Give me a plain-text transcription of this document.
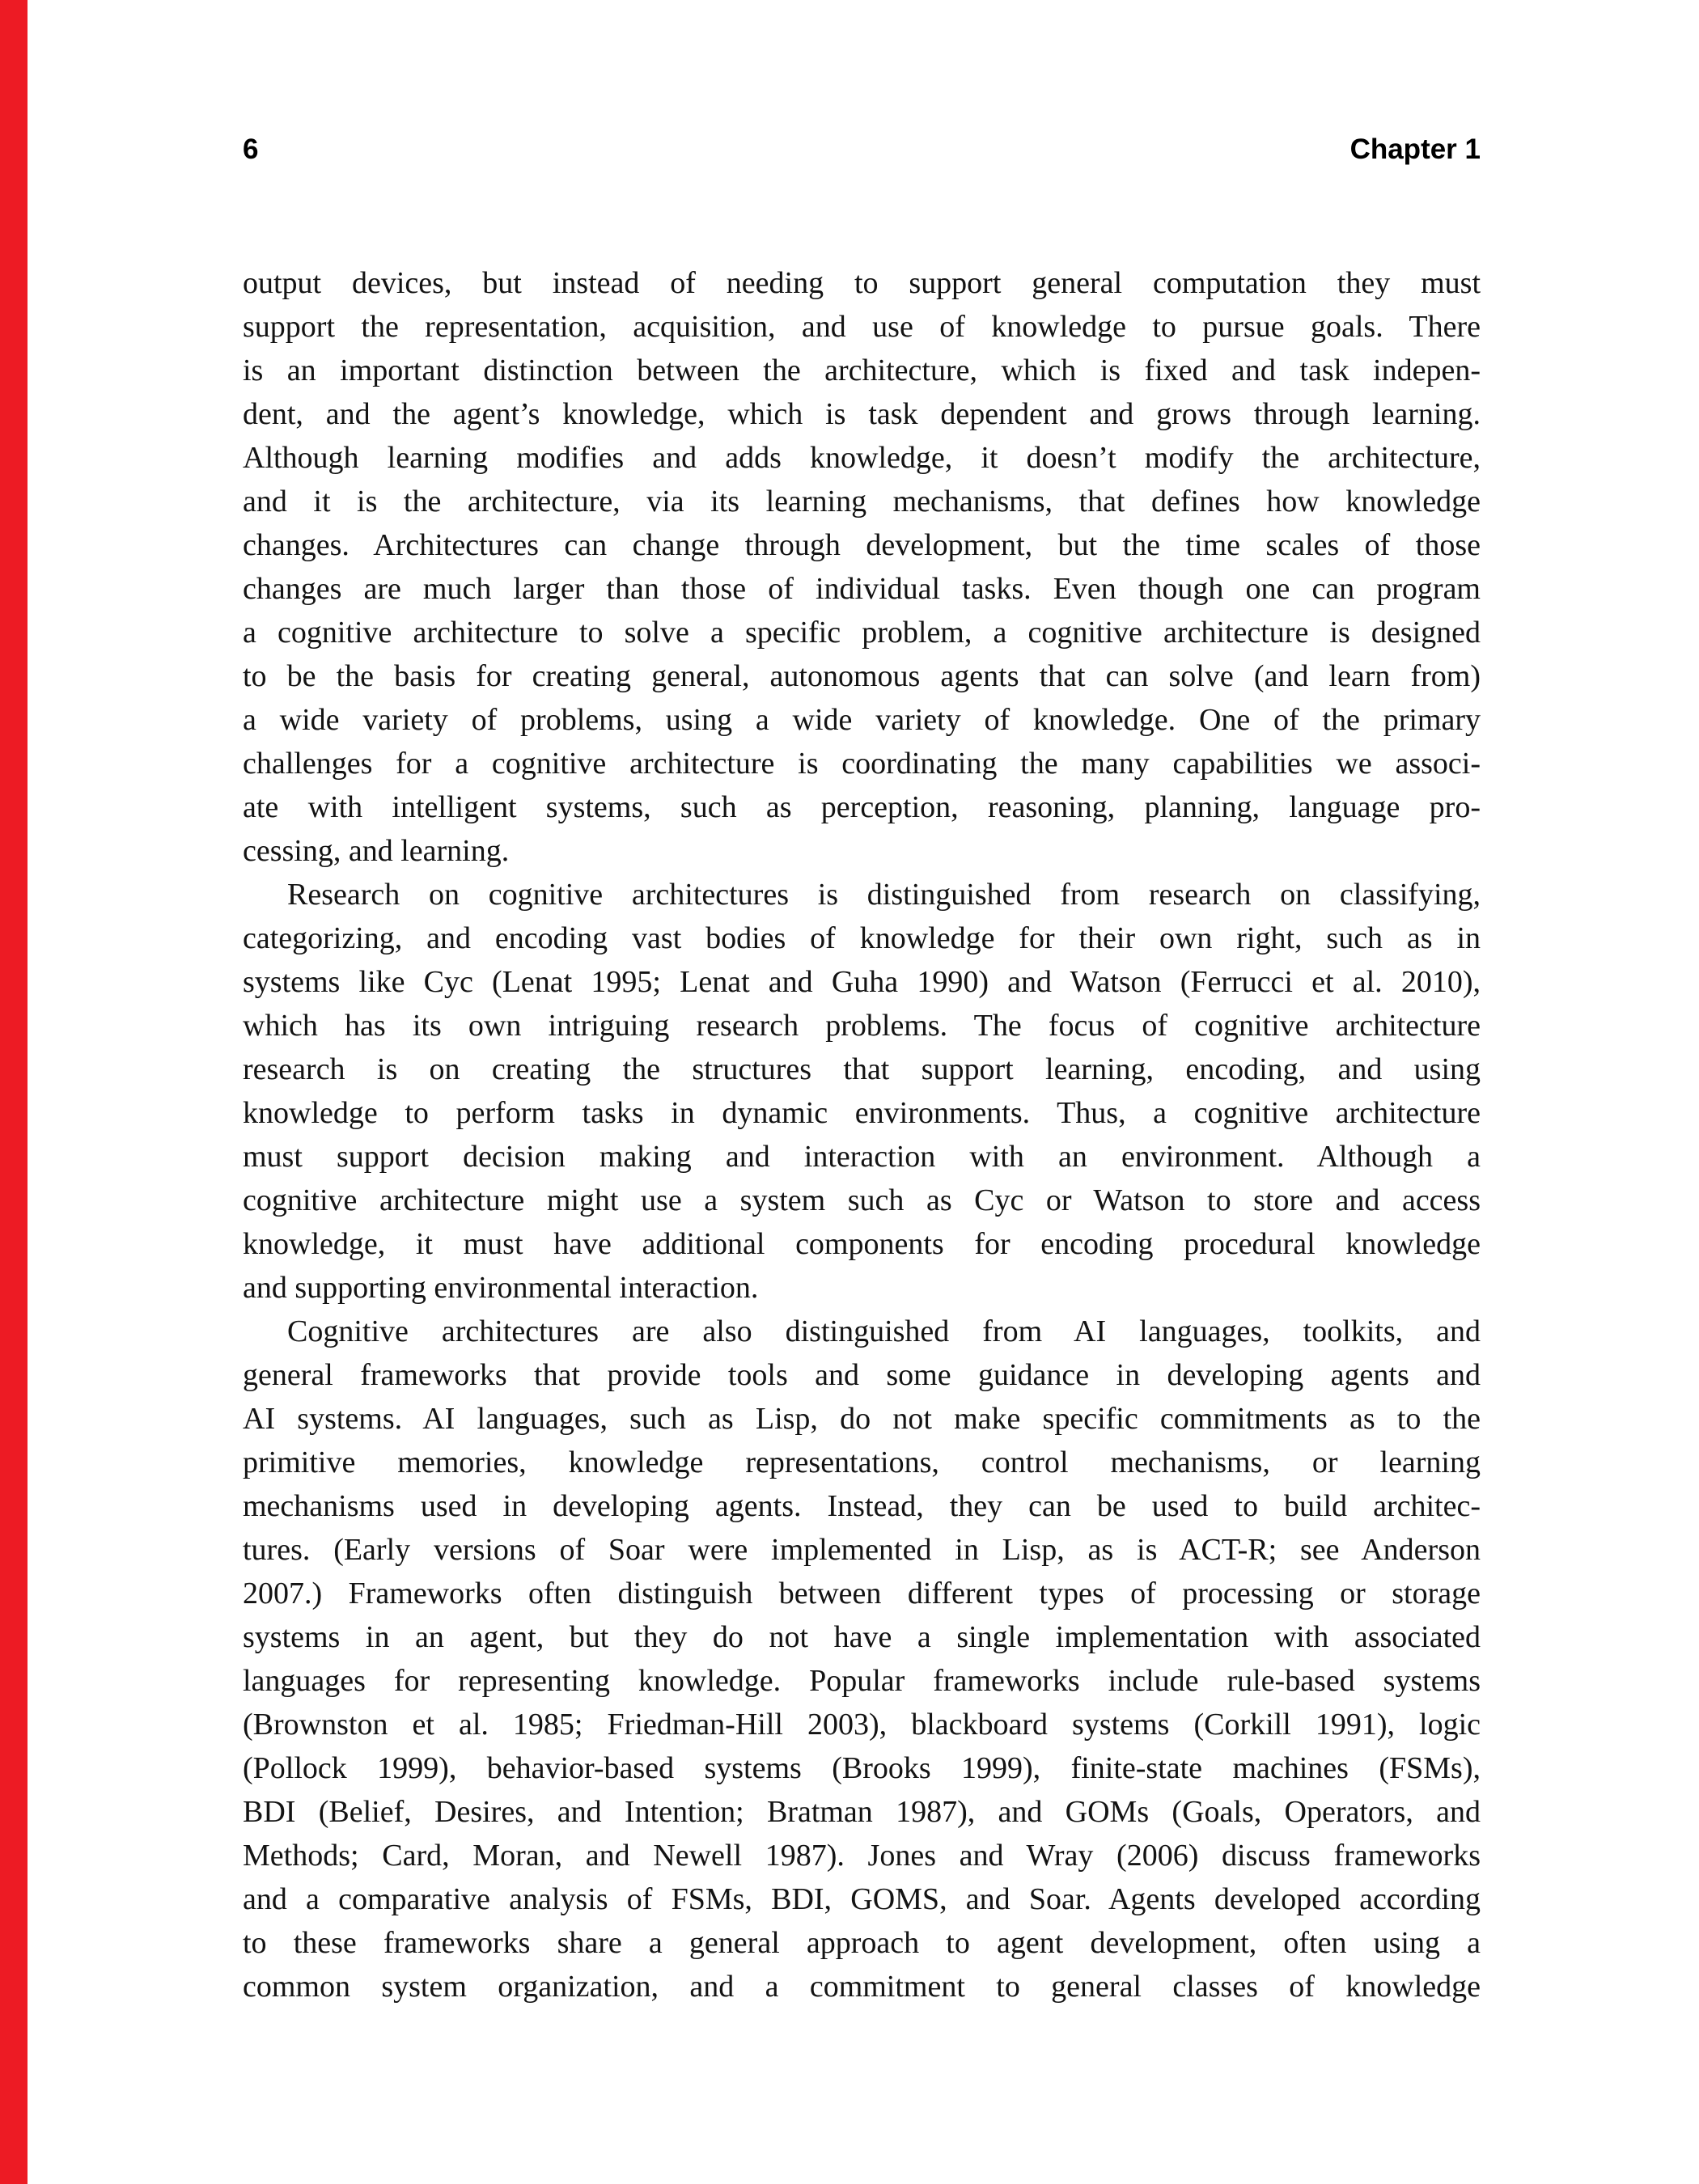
6	Chapter 1
output devices, but instead of needing to support general computation they must
support the representation, acquisition, and use of knowledge to pursue goals. There
is an important distinction between the architecture, which is fixed and task indepen-
dent, and the agent’s knowledge, which is task dependent and grows through learning.
Although learning modifies and adds knowledge, it doesn’t modify the architecture,
and it is the architecture, via its learning mechanisms, that defines how knowledge
changes. Architectures can change through development, but the time scales of those
changes are much larger than those of individual tasks. Even though one can program
a cognitive architecture to solve a specific problem, a cognitive architecture is designed
to be the basis for creating general, autonomous agents that can solve (and learn from)
a wide variety of problems, using a wide variety of knowledge. One of the primary
challenges for a cognitive architecture is coordinating the many capabilities we associ-
ate with intelligent systems, such as perception, reasoning, planning, language pro-
cessing, and learning.
Research on cognitive architectures is distinguished from research on classifying,
categorizing, and encoding vast bodies of knowledge for their own right, such as in
systems like Cyc (Lenat 1995; Lenat and Guha 1990) and Watson (Ferrucci et al. 2010),
which has its own intriguing research problems. The focus of cognitive architecture
research is on creating the structures that support learning, encoding, and using
knowledge to perform tasks in dynamic environments. Thus, a cognitive architecture
must support decision making and interaction with an environment. Although a
cognitive architecture might use a system such as Cyc or Watson to store and access
knowledge, it must have additional components for encoding procedural knowledge
and supporting environmental interaction.
Cognitive architectures are also distinguished from AI languages, toolkits, and
general frameworks that provide tools and some guidance in developing agents and
AI systems. AI languages, such as Lisp, do not make specific commitments as to the
primitive memories, knowledge representations, control mechanisms, or learning
mechanisms used in developing agents. Instead, they can be used to build architec-
tures. (Early versions of Soar were implemented in Lisp, as is ACT-R; see Anderson
2007.) Frameworks often distinguish between different types of processing or storage
systems in an agent, but they do not have a single implementation with associated
languages for representing knowledge. Popular frameworks include rule-based systems
(Brownston et al. 1985; Friedman-Hill 2003), blackboard systems (Corkill 1991), logic
(Pollock 1999), behavior-based systems (Brooks 1999), finite-state machines (FSMs),
BDI (Belief, Desires, and Intention; Bratman 1987), and GOMs (Goals, Operators, and
Methods; Card, Moran, and Newell 1987). Jones and Wray (2006) discuss frameworks
and a comparative analysis of FSMs, BDI, GOMS, and Soar. Agents developed according
to these frameworks share a general approach to agent development, often using a
common system organization, and a commitment to general classes of knowledge
